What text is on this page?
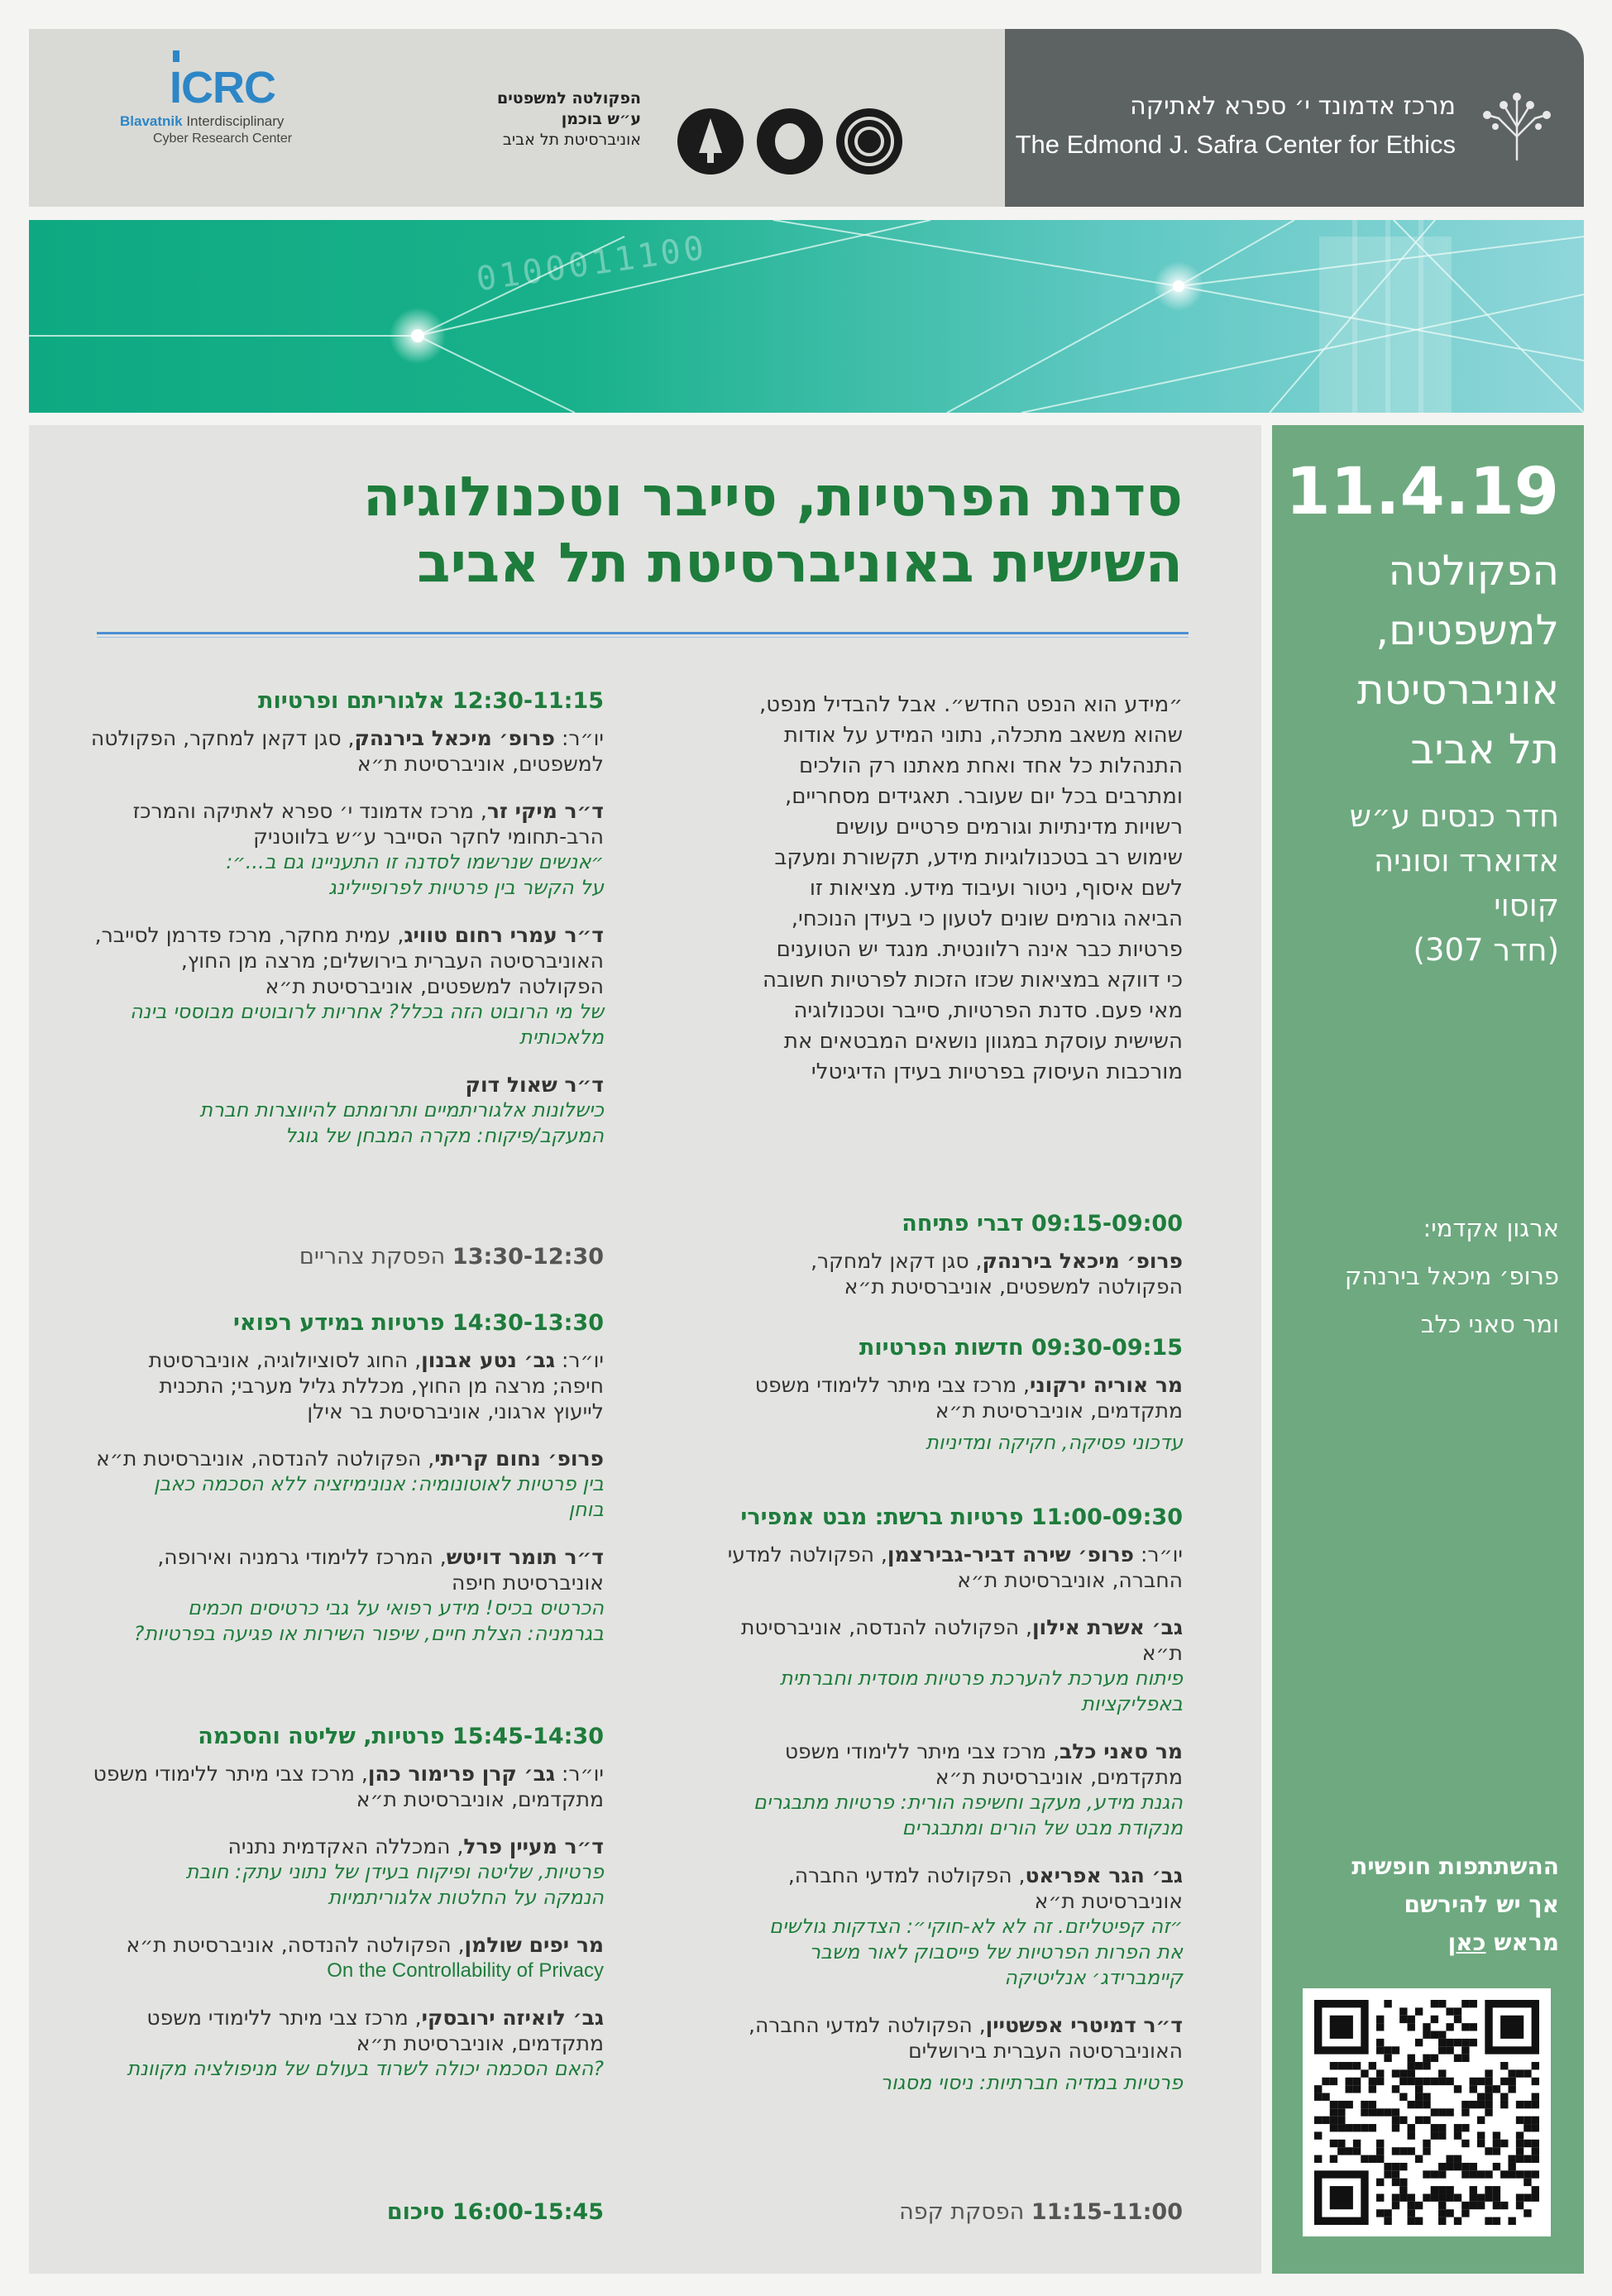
ICRC
Blavatnik Interdisciplinary
Cyber Research Center

הפקולטה למשפטים

ע״ש בוכמן

אוניברסיטת תל אביב

מרכז אדמונד י׳ ספרא לאתיקה
The Edmond J. Safra Center for Ethics
0100011100
סדנת הפרטיות, סייבר וטכנולוגיה
השישית באוניברסיטת תל אביב

״מידע הוא הנפט החדש״. אבל להבדיל מנפט,

שהוא משאב מתכלה, נתוני המידע על אודות

התנהלות כל אחד ואחת מאתנו רק הולכים

ומתרבים בכל יום שעובר. תאגידים מסחריים,

רשויות מדינתיות וגורמים פרטיים עושים

שימוש רב בטכנולוגיות מידע, תקשורת ומעקב

לשם איסוף, ניטור ועיבוד מידע. מציאות זו

הביאה גורמים שונים לטעון כי בעידן הנוכחי,

פרטיות כבר אינה רלוונטית. מנגד יש הטוענים

כי דווקא במציאות שכזו הזכות לפרטיות חשובה

מאי פעם. סדנת הפרטיות, סייבר וטכנולוגיה

השישית עוסקת במגוון נושאים המבטאים את

מורכבות העיסוק בפרטיות בעידן הדיגיטלי

09:15-09:00 דברי פתיחה

פרופ׳ מיכאל בירנהק, סגן דקאן למחקר,

הפקולטה למשפטים, אוניברסיטת ת״א

09:30-09:15 חדשות הפרטיות

מר אוריה ירקוני, מרכז צבי מיתר ללימודי משפט

מתקדמים, אוניברסיטת ת״א

עדכוני פסיקה, חקיקה ומדיניות

11:00-09:30 פרטיות ברשת: מבט אמפירי

יו״ר: פרופ׳ שירה דביר-גבירצמן, הפקולטה למדעי

החברה, אוניברסיטת ת״א

גב׳ אשרת אילון, הפקולטה להנדסה, אוניברסיטת

ת״א

פיתוח מערכת להערכת פרטיות מוסדית וחברתית

באפליקציות

מר סאני כלב, מרכז צבי מיתר ללימודי משפט

מתקדמים, אוניברסיטת ת״א

הגנת מידע, מעקב וחשיפה הורית: פרטיות מתבגרים

מנקודת מבט של הורים ומתבגרים

גב׳ הגר אפריאט, הפקולטה למדעי החברה,

אוניברסיטת ת״א

״זה קפיטליזם. זה לא לא-חוקי״: הצדקות גולשים

את הפרות הפרטיות של פייסבוק לאור משבר

קיימברידג׳ אנליטיקה

ד״ר דמיטרי אפשטיין, הפקולטה למדעי החברה,

האוניברסיטה העברית בירושלים

פרטיות במדיה חברתיות: ניסוי מסגור

11:15-11:00 הפסקת קפה

12:30-11:15 אלגוריתם ופרטיות

יו״ר: פרופ׳ מיכאל בירנהק, סגן דקאן למחקר, הפקולטה

למשפטים, אוניברסיטת ת״א

ד״ר מיקי זר, מרכז אדמונד י׳ ספרא לאתיקה והמרכז

הרב-תחומי לחקר הסייבר ע״ש בלווטניק

״אנשים שנרשמו לסדנה זו התעניינו גם ב...״:

על הקשר בין פרטיות לפרופיילינג

ד״ר עמרי רחום טוויג, עמית מחקר, מרכז פדרמן לסייבר,

האוניברסיטה העברית בירושלים; מרצה מן החוץ,

הפקולטה למשפטים, אוניברסיטת ת״א

של מי הרובוט הזה בכלל? אחריות לרובוטים מבוססי בינה

מלאכותית

ד״ר שאול דוק

כישלונות אלגוריתמיים ותרומתם להיווצרות חברת

המעקב/פיקוח: מקרה המבחן של גוגל

13:30-12:30 הפסקת צהריים

14:30-13:30 פרטיות במידע רפואי

יו״ר: גב׳ נטע אבנון, החוג לסוציולוגיה, אוניברסיטת

חיפה; מרצה מן החוץ, מכללת גליל מערבי; התכנית

לייעוץ ארגוני, אוניברסיטת בר אילן

פרופ׳ נחום קריתי, הפקולטה להנדסה, אוניברסיטת ת״א

בין פרטיות לאוטונומיה: אנונימיזציה ללא הסכמה כאבן

בוחן

ד״ר תומר דויטש, המרכז ללימודי גרמניה ואירופה,

אוניברסיטת חיפה

הכרטיס בכיס! מידע רפואי על גבי כרטיסים חכמים

בגרמניה: הצלת חיים, שיפור השירות או פגיעה בפרטיות?

15:45-14:30 פרטיות, שליטה והסכמה

יו״ר: גב׳ קרן פרימור כהן, מרכז צבי מיתר ללימודי משפט

מתקדמים, אוניברסיטת ת״א

ד״ר מעיין פרל, המכללה האקדמית נתניה

פרטיות, שליטה ופיקוח בעידן של נתוני עתק: חובת

הנמקה על החלטות אלגוריתמיות

מר יפים שולמן, הפקולטה להנדסה, אוניברסיטת ת״א

On the Controllability of Privacy

גב׳ לואיזה ירובסקי, מרכז צבי מיתר ללימודי משפט

מתקדמים, אוניברסיטת ת״א

?האם הסכמה יכולה לשרוד בעולם של מניפולציה מקוונת

16:00-15:45 סיכום

11.4.19

הפקולטה

למשפטים,

אוניברסיטת

תל אביב

חדר כנסים ע״ש

אדוארד וסוניה

קוסוי

(חדר 307)

ארגון אקדמי:

פרופ׳ מיכאל בירנהק

ומר סאני כלב

ההשתתפות חופשית

אך יש להירשם

מראש כאן
